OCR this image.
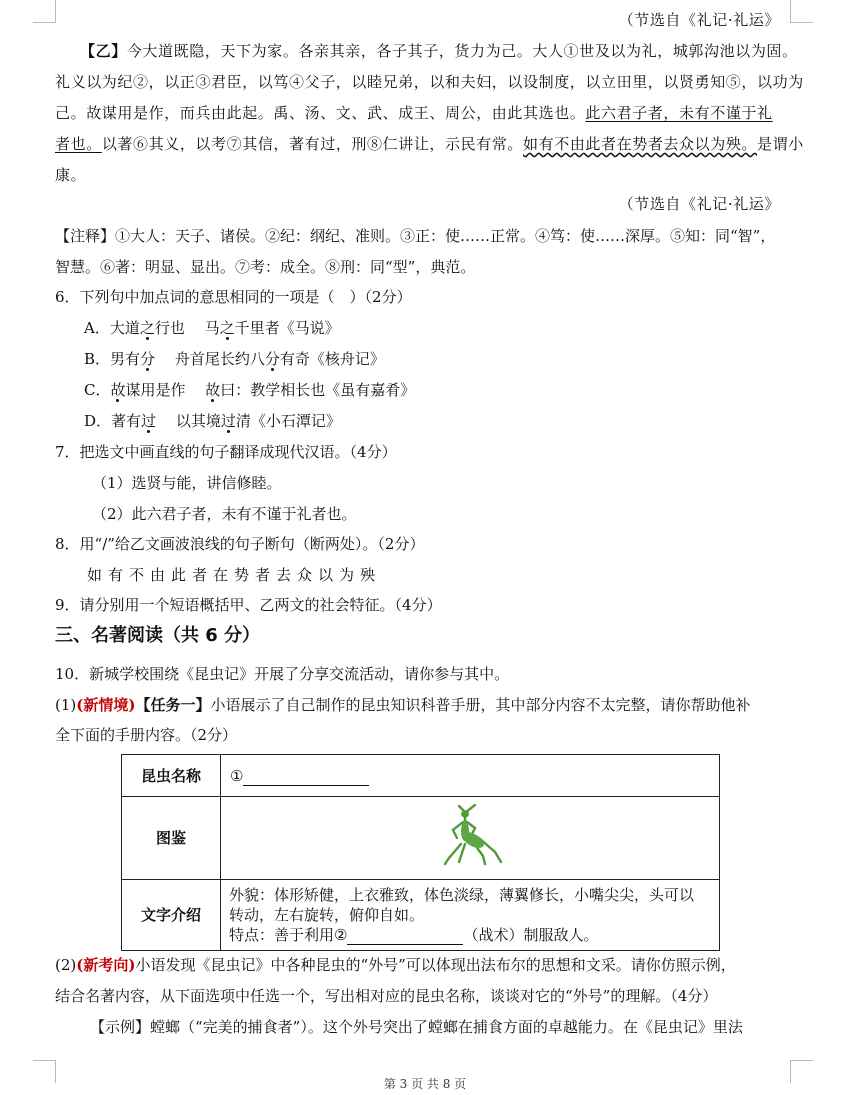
（节选自《礼记·礼运》
【乙】今大道既隐，天下为家。各亲其亲，各子其子，货力为己。大人①世及以为礼，城郭沟池以为固。
礼义以为纪②，以正③君臣，以笃④父子，以睦兄弟，以和夫妇，以设制度，以立田里，以贤勇知⑤，以功为
己。故谋用是作，而兵由此起。禹、汤、文、武、成王、周公，由此其选也。此六君子者，未有不谨于礼
者也。以著⑥其义，以考⑦其信，著有过，刑⑧仁讲让，示民有常。如有不由此者在势者去众以为殃。是谓小
康。
（节选自《礼记·礼运》
【注释】①大人：天子、诸侯。②纪：纲纪、准则。③正：使……正常。④笃：使……深厚。⑤知：同“智”，
智慧。⑥著：明显、显出。⑦考：成全。⑧刑：同“型”，典范。
6．下列句中加点词的意思相同的一项是（　）（2分）
A．大道之行也　 马之千里者《马说》
B．男有分　 舟首尾长约八分有奇《核舟记》
C．故谋用是作　 故曰：教学相长也《虽有嘉肴》
D．著有过　 以其境过清《小石潭记》
7．把选文中画直线的句子翻译成现代汉语。（4分）
（1）选贤与能，讲信修睦。
（2）此六君子者，未有不谨于礼者也。
8．用“/”给乙文画波浪线的句子断句（断两处）。（2分）
如有不由此者在势者去众以为殃
9．请分别用一个短语概括甲、乙两文的社会特征。（4分）
三、名著阅读（共 6 分）
10．新城学校围绕《昆虫记》开展了分享交流活动，请你参与其中。
(1)(新情境)【任务一】小语展示了自己制作的昆虫知识科普手册，其中部分内容不太完整，请你帮助他补
全下面的手册内容。（2分）
昆虫名称	①
图鉴	
文字介绍	外貌：体形矫健，上衣雅致，体色淡绿，薄翼修长，小嘴尖尖，头可以
转动，左右旋转，俯仰自如。
特点：善于利用② （战术）制服敌人。
(2)(新考向)小语发现《昆虫记》中各种昆虫的“外号”可以体现出法布尔的思想和文采。请你仿照示例，
结合名著内容，从下面选项中任选一个，写出相对应的昆虫名称，谈谈对它的“外号”的理解。（4分）
【示例】螳螂（“完美的捕食者”）。这个外号突出了螳螂在捕食方面的卓越能力。在《昆虫记》里法
第 3 页 共 8 页
